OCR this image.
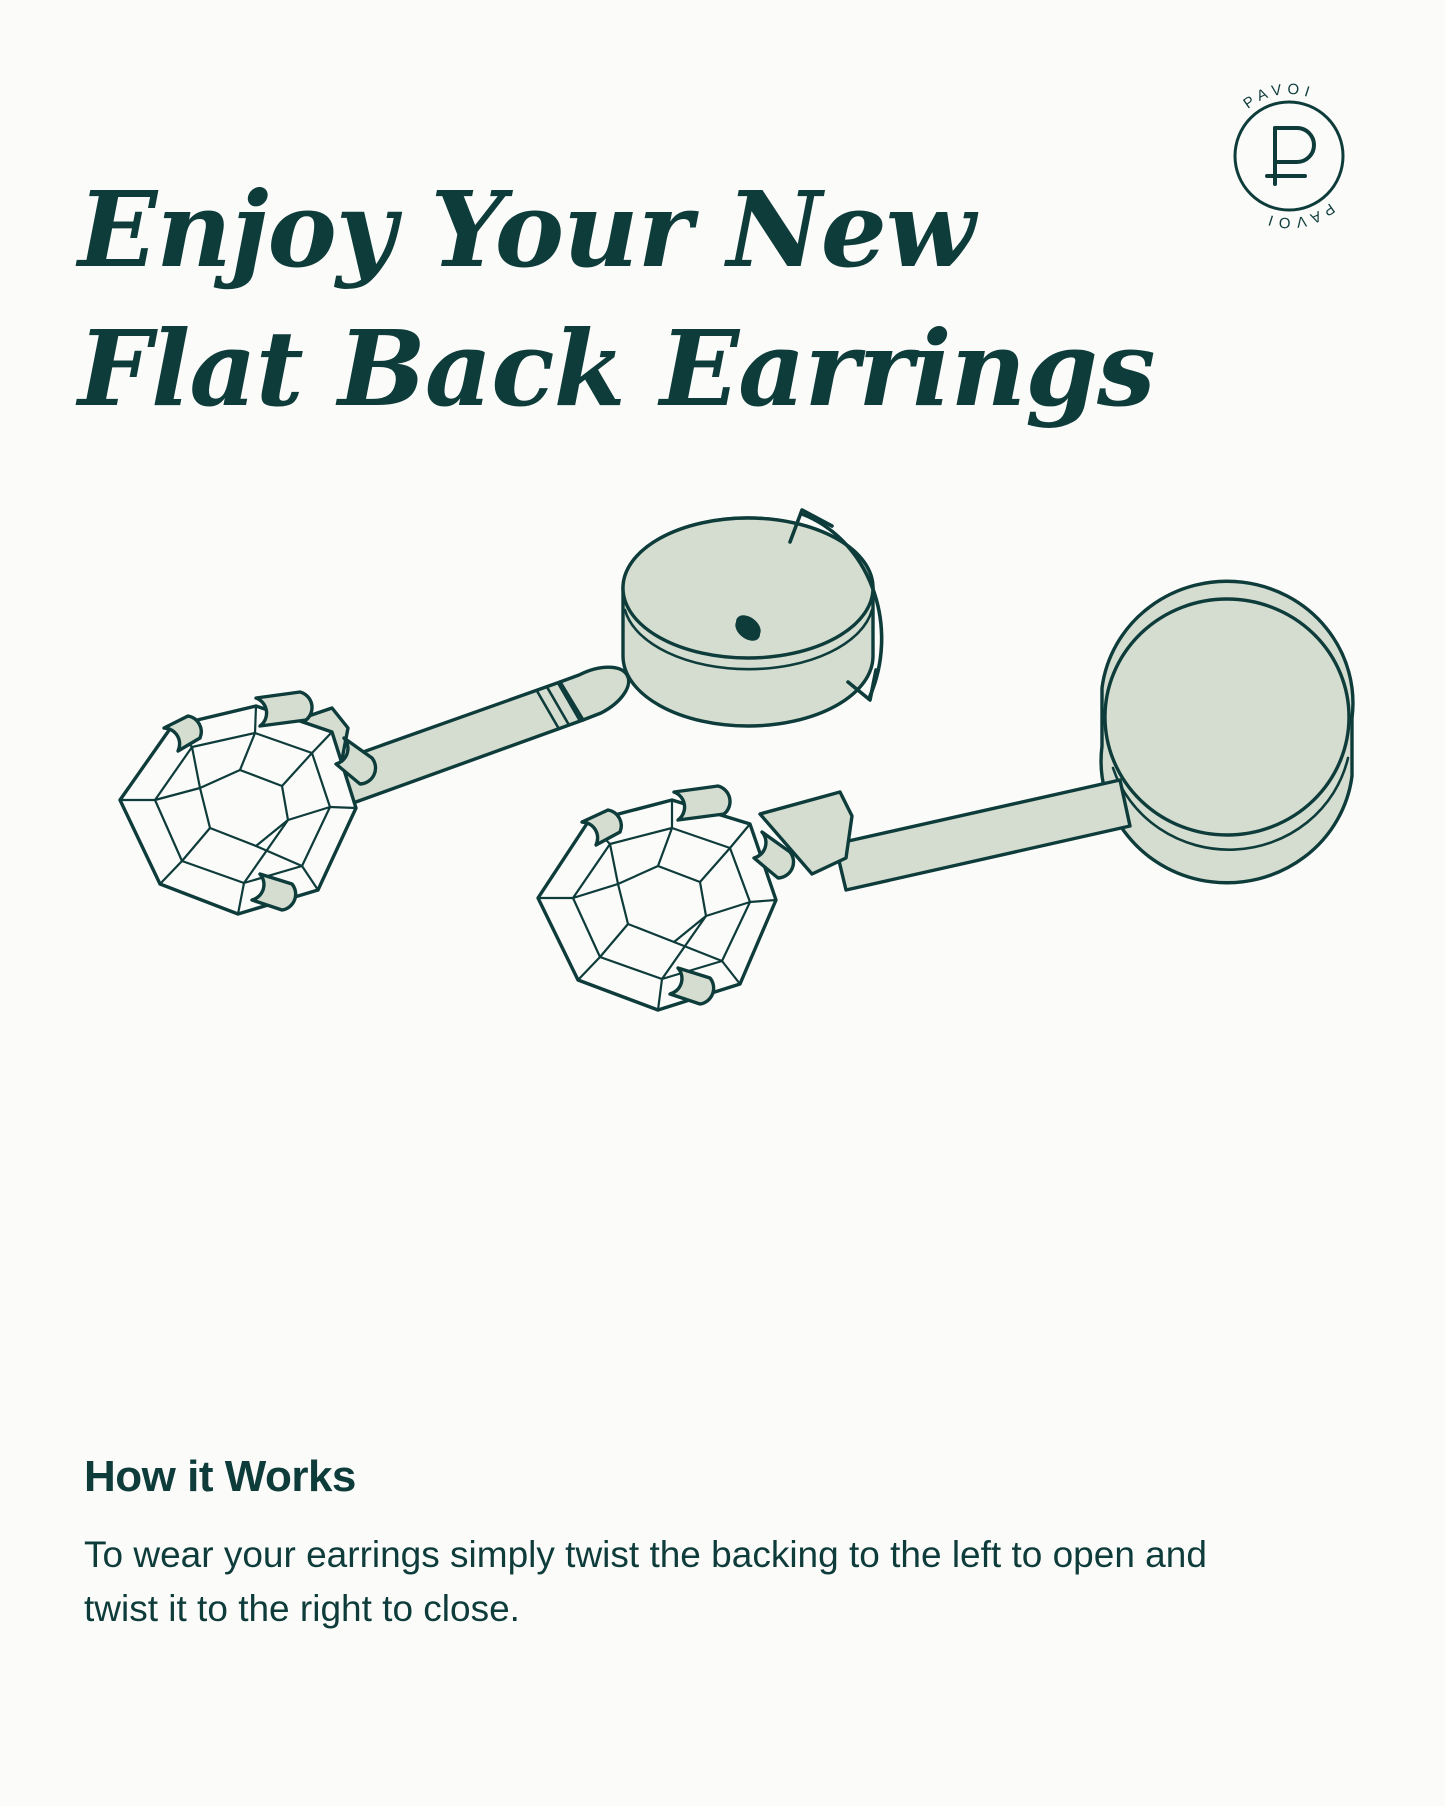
Enjoy Your New
Flat Back Earrings
PAVOI
PAVOI
How it Works

To wear your earrings simply twist the backing to the left to open and twist it to the right to close.
